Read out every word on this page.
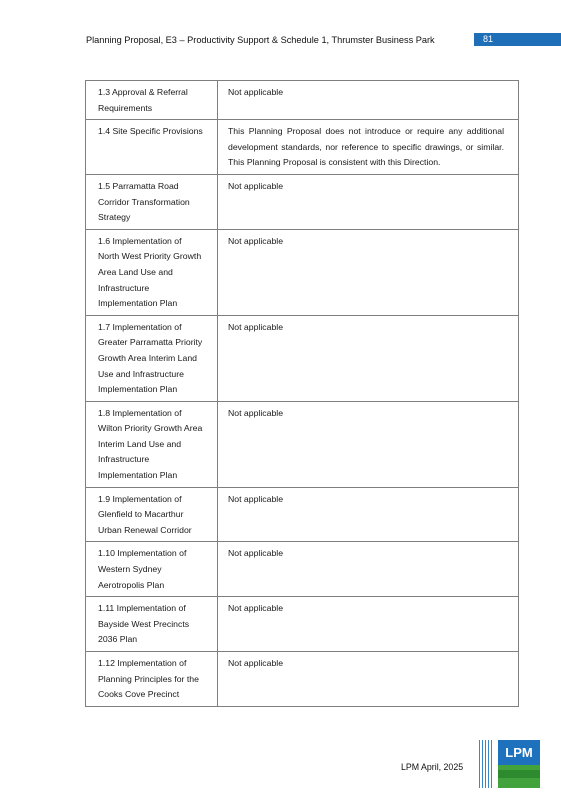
Planning Proposal, E3 – Productivity Support & Schedule 1, Thrumster Business Park	81
1.3 Approval & Referral Requirements	Not applicable
1.4 Site Specific Provisions	This Planning Proposal does not introduce or require any additional development standards, nor reference to specific drawings, or similar. This Planning Proposal is consistent with this Direction.
1.5 Parramatta Road Corridor Transformation Strategy	Not applicable
1.6 Implementation of North West Priority Growth Area Land Use and Infrastructure Implementation Plan	Not applicable
1.7 Implementation of Greater Parramatta Priority Growth Area Interim Land Use and Infrastructure Implementation Plan	Not applicable
1.8 Implementation of Wilton Priority Growth Area Interim Land Use and Infrastructure Implementation Plan	Not applicable
1.9 Implementation of Glenfield to Macarthur Urban Renewal Corridor	Not applicable
1.10 Implementation of Western Sydney Aerotropolis Plan	Not applicable
1.11 Implementation of Bayside West Precincts 2036 Plan	Not applicable
1.12 Implementation of Planning Principles for the Cooks Cove Precinct	Not applicable
LPM April, 2025
LPM
